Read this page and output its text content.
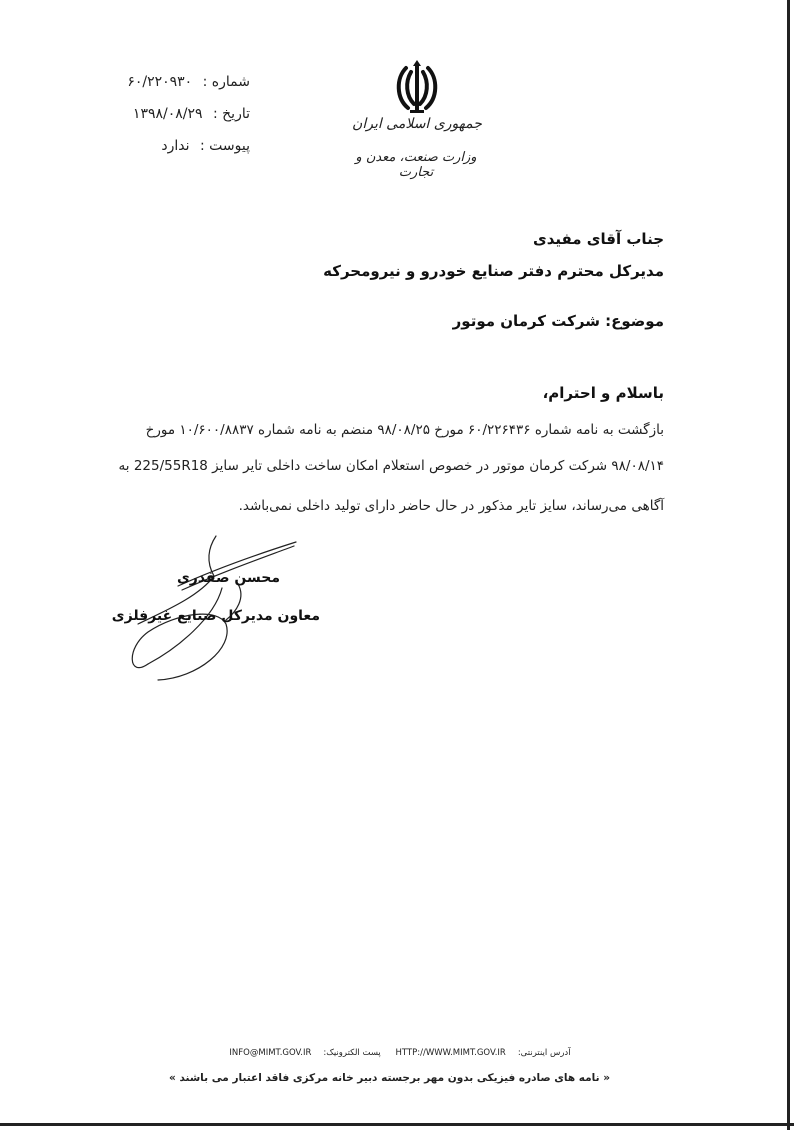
شماره : ۶۰/۲۲۰۹۳۰
تاریخ : ۱۳۹۸/۰۸/۲۹
پیوست : ندارد
جمهوری اسلامی ایران
وزارت صنعت، معدن و تجارت
جناب آقای مفیدی
مدیرکل محترم دفتر صنایع خودرو و نیرومحرکه
موضوع: شرکت کرمان موتور
باسلام و احترام،
بازگشت به نامه شماره ۶۰/۲۲۶۴۳۶ مورخ ۹۸/۰۸/۲۵ منضم به نامه شماره ۱۰/۶۰۰/۸۸۳۷ مورخ
۹۸/۰۸/۱۴ شرکت کرمان موتور در خصوص استعلام امکان ساخت داخلی تایر سایز 225/55R18 به
آگاهی می‌رساند، سایز تایر مذکور در حال حاضر دارای تولید داخلی نمی‌باشد.
محسن صفدری
معاون مدیرکل صنایع غیرفلزی
آدرس اینترنتی:HTTP://WWW.MIMT.GOV.IR پست الکترونیک:INFO@MIMT.GOV.IR
« نامه های صادره فیزیکی بدون مهر برجسته دبیر خانه مرکزی فاقد اعتبار می باشند »
